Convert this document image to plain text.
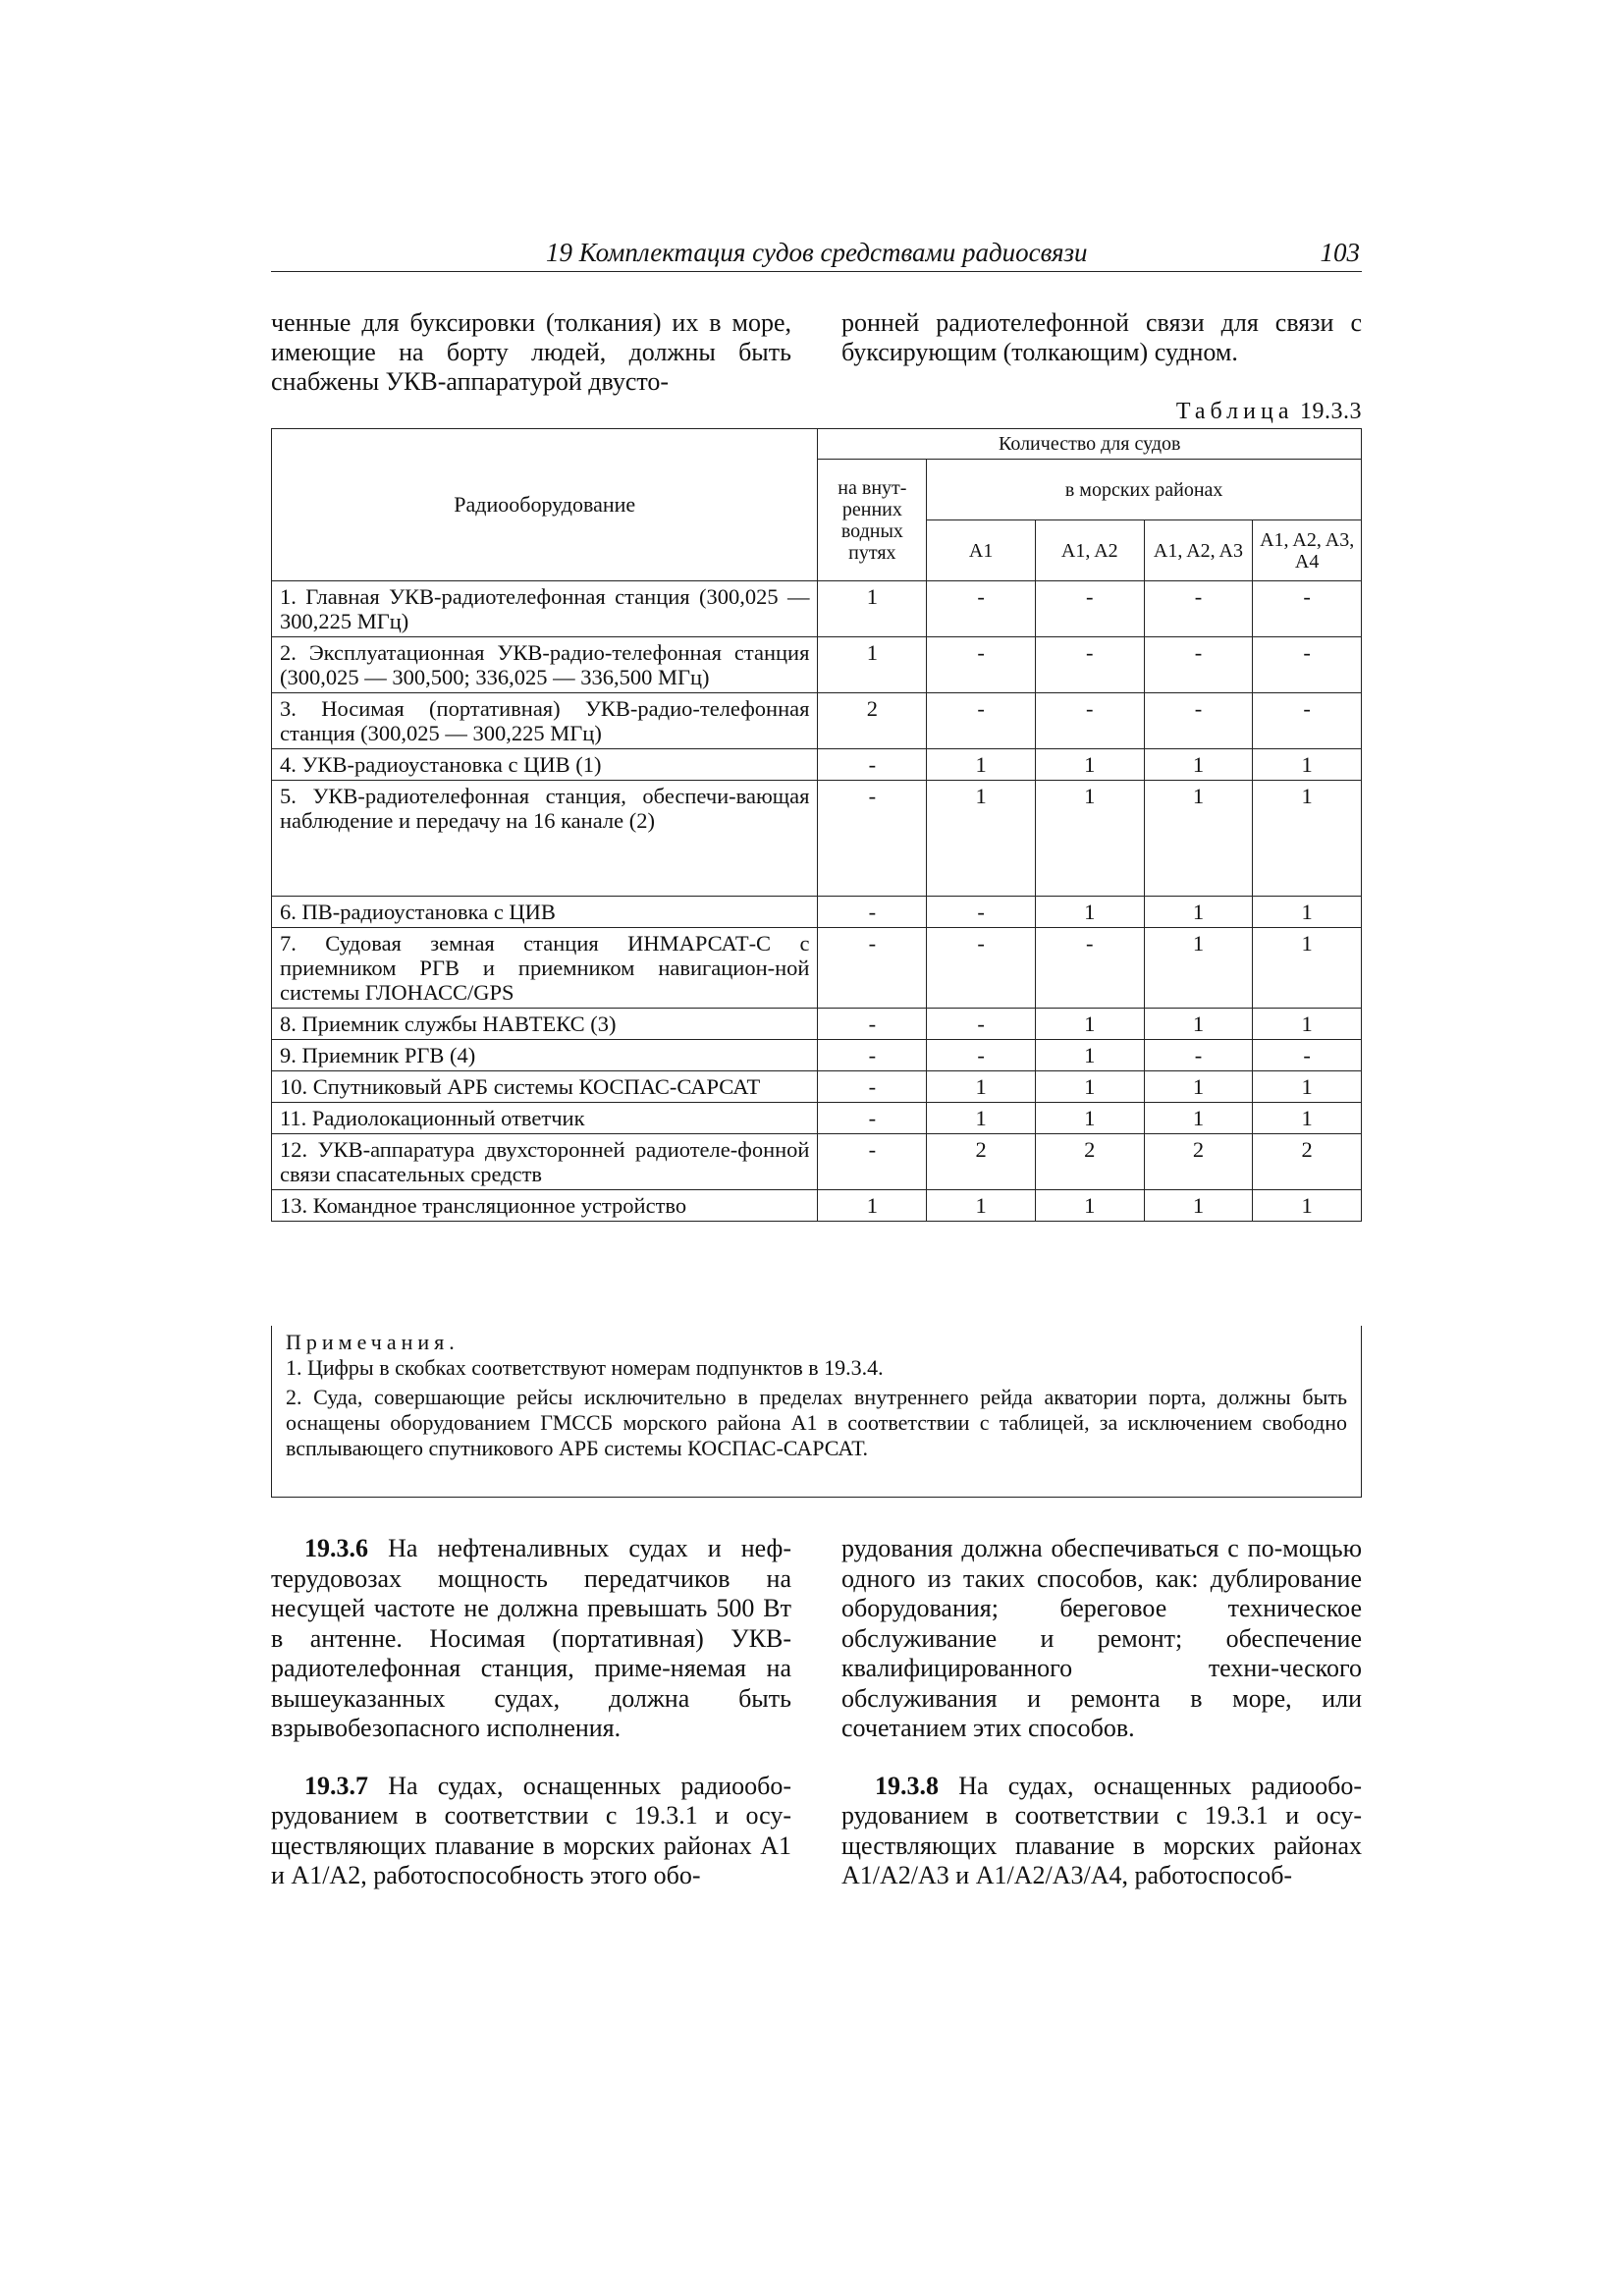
19 Комплектация судов средствами радиосвязи	103

ченные для буксировки (толкания) их в море, имеющие на борту людей, должны быть снабжены УКВ-аппаратурой двусто-

ронней радиотелефонной связи для связи с буксирующим (толкающим) судном.

Таблица 19.3.3
Радиооборудование	Количество для судов				
	на внут-ренних водных путях	в морских районах			
		A1	A1, A2	A1, A2, A3	A1, A2, A3, A4
1. Главная УКВ-радиотелефонная станция (300,025 — 300,225 МГц)	1	-	-	-	-
2. Эксплуатационная УКВ-радио-телефонная станция (300,025 — 300,500; 336,025 — 336,500 МГц)	1	-	-	-	-
3. Носимая (портативная) УКВ-радио-телефонная станция (300,025 — 300,225 МГц)	2	-	-	-	-
4. УКВ-радиоустановка с ЦИВ (1)	-	1	1	1	1
5. УКВ-радиотелефонная станция, обеспечи-вающая наблюдение и передачу на 16 канале (2)	-	1	1	1	1
6. ПВ-радиоустановка с ЦИВ	-	-	1	1	1
7. Судовая земная станция ИНМАРСАТ-С с приемником РГВ и приемником навигацион-ной системы ГЛОНАСС/GPS	-	-	-	1	1
8. Приемник службы НАВТЕКС (3)	-	-	1	1	1
9. Приемник РГВ (4)	-	-	1	-	-
10. Спутниковый АРБ системы КОСПАС-САРСАТ	-	1	1	1	1
11. Радиолокационный ответчик	-	1	1	1	1
12. УКВ-аппаратура двухсторонней радиотеле-фонной связи спасательных средств	-	2	2	2	2
13. Командное трансляционное устройство	1	1	1	1	1
Примечания.

1. Цифры в скобках соответствуют номерам подпунктов в 19.3.4.

2. Суда, совершающие рейсы исключительно в пределах внутреннего рейда акватории порта, должны быть оснащены оборудованием ГМССБ морского района A1 в соответствии с таблицей, за исключением свободно всплывающего спутникового АРБ системы КОСПАС-САРСАТ.

19.3.6 На нефтеналивных судах и неф-терудовозах мощность передатчиков на несущей частоте не должна превышать 500 Вт в антенне. Носимая (портативная) УКВ-радиотелефонная станция, приме-няемая на вышеуказанных судах, должна быть взрывобезопасного исполнения.

19.3.7 На судах, оснащенных радиообо-рудованием в соответствии с 19.3.1 и осу-ществляющих плавание в морских районах A1 и A1/A2, работоспособность этого обо-

рудования должна обеспечиваться с по-мощью одного из таких способов, как: дублирование оборудования; береговое техническое обслуживание и ремонт; обеспечение квалифицированного техни-ческого обслуживания и ремонта в море, или сочетанием этих способов.

19.3.8 На судах, оснащенных радиообо-рудованием в соответствии с 19.3.1 и осу-ществляющих плавание в морских районах A1/A2/A3 и A1/A2/A3/A4, работоспособ-
